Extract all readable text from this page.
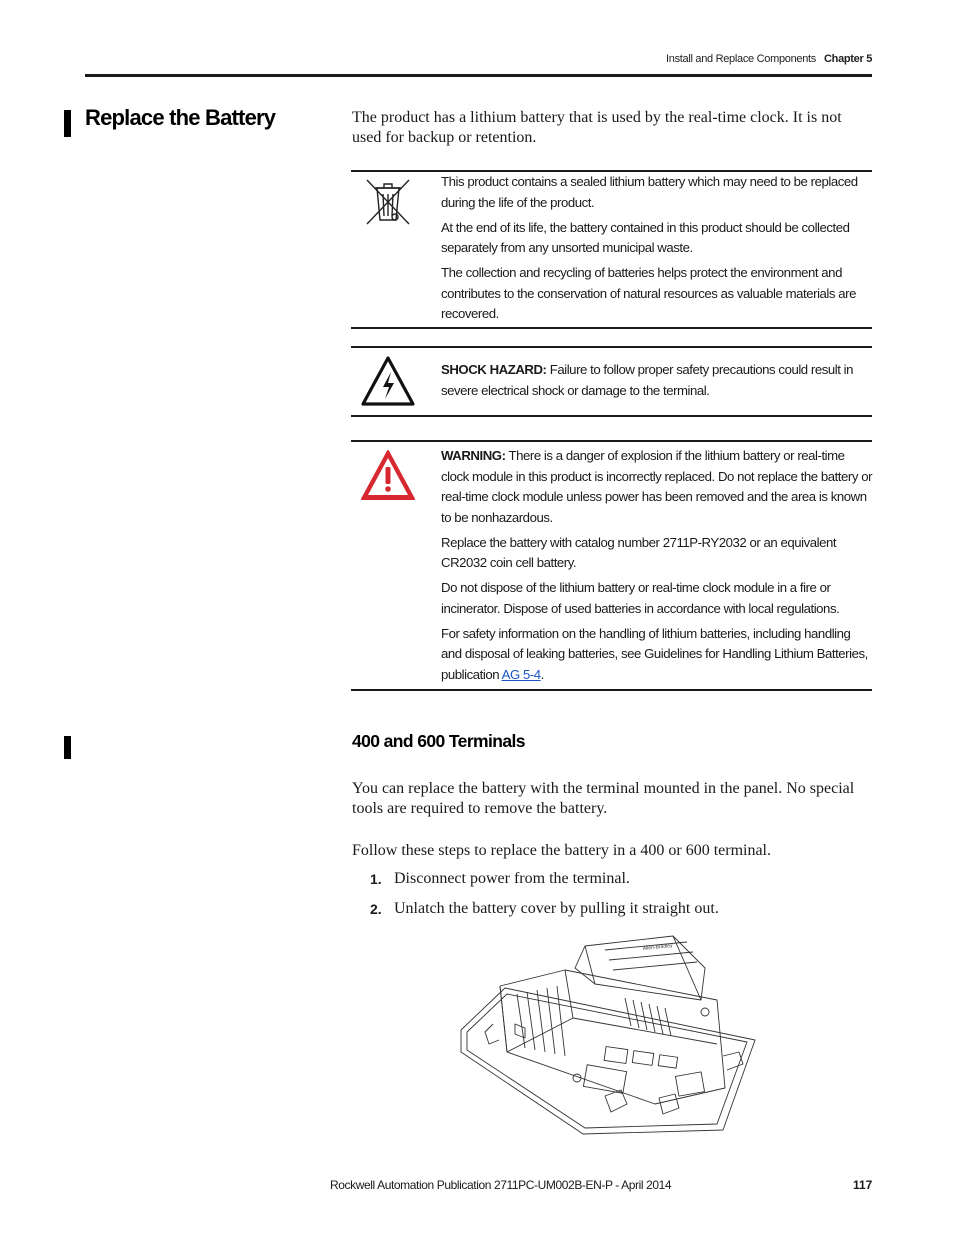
Install and Replace Components Chapter 5
Replace the Battery	The product has a lithium battery that is used by the real-time clock. It is not used for backup or retention.

This product contains a sealed lithium battery which may need to be replaced during the life of the product.

At the end of its life, the battery contained in this product should be collected separately from any unsorted municipal waste.

The collection and recycling of batteries helps protect the environment and contributes to the conservation of natural resources as valuable materials are recovered.

SHOCK HAZARD: Failure to follow proper safety precautions could result in severe electrical shock or damage to the terminal.

WARNING: There is a danger of explosion if the lithium battery or real-time clock module in this product is incorrectly replaced. Do not replace the battery or real-time clock module unless power has been removed and the area is known to be nonhazardous.

Replace the battery with catalog number 2711P-RY2032 or an equivalent CR2032 coin cell battery.

Do not dispose of the lithium battery or real-time clock module in a fire or incinerator. Dispose of used batteries in accordance with local regulations.

For safety information on the handling of lithium batteries, including handling and disposal of leaking batteries, see Guidelines for Handling Lithium Batteries, publication AG 5-4.

400 and 600 Terminals
You can replace the battery with the terminal mounted in the panel. No special tools are required to remove the battery.
Follow these steps to replace the battery in a 400 or 600 terminal.
1. Disconnect power from the terminal.
2. Unlatch the battery cover by pulling it straight out.
Allen-Bradley
Rockwell Automation Publication 2711PC-UM002B-EN-P - April 2014	117
